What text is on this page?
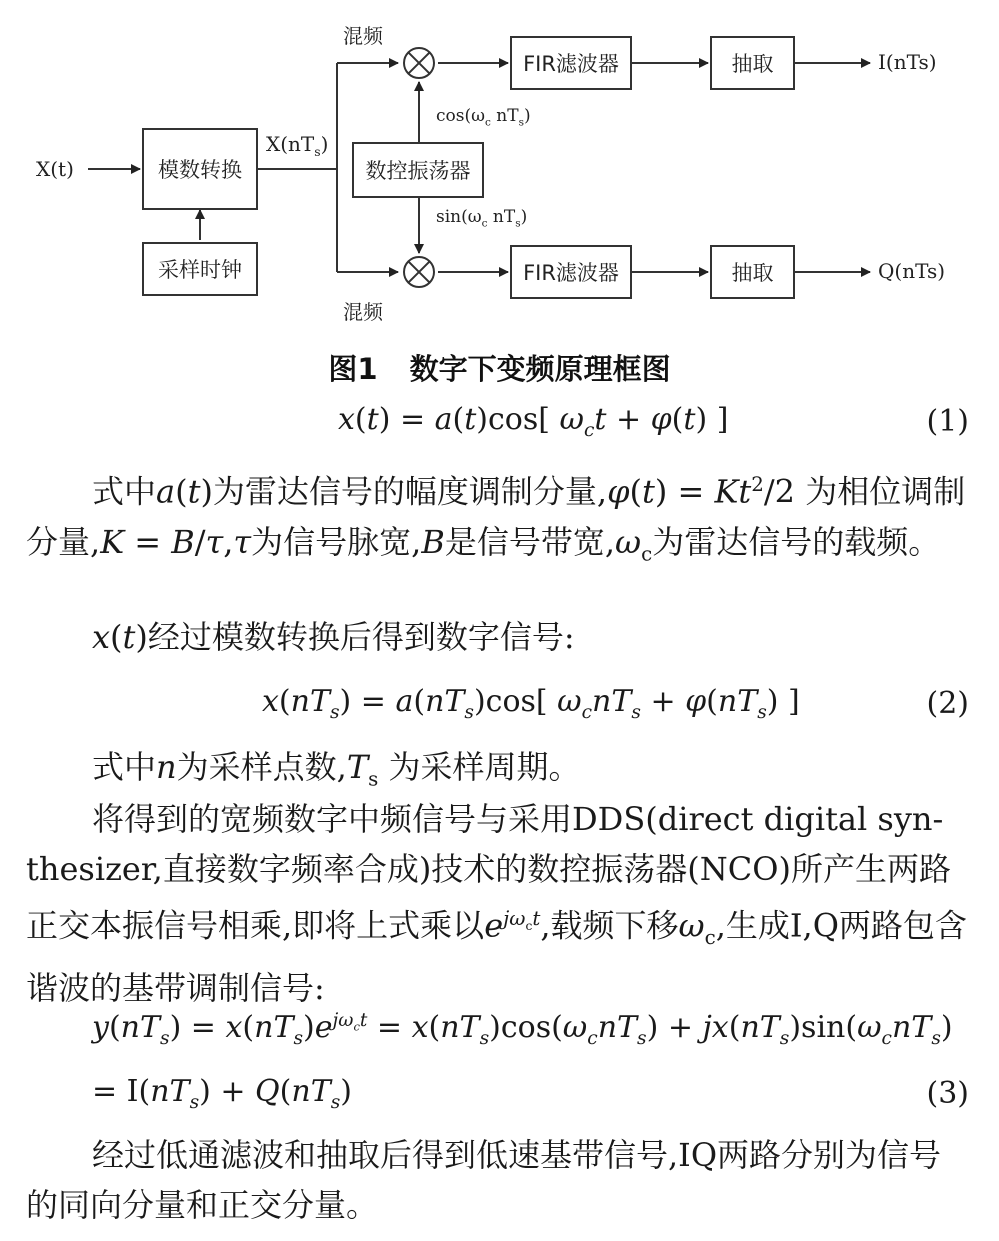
X(t)	模数转换
采样时钟
$X(nT_s)$
数控振荡器
混频
混频
$\cos(\omega_c$ $nT_s$)
$\sin(\omega_c$ $nT_s$)
FIR滤波器
FIR滤波器
抽取
抽取
I(nTs)
Q(nTs)
图1 数字下变频原理框图
x(t) = a(t)cos[ $\omega_ct + \varphi(t)$ ]	(1)
式中a(t)为雷达信号的幅度调制分量$,\varphi(t) = Kt^2/2$ 为相位调制分量,K = B/τ,τ为信号脉宽,B是信号带宽$,\omega_c$为雷达信号的载频。
x(t)经过模数转换后得到数字信号:
$x(nT_s) = a(nT_s)\cos$[ $\omega_cnT_s + \varphi(nT_s)$ ]	(2)
式中n为采样点数$,T_s$ 为采样周期。
将得到的宽频数字中频信号与采用DDS(direct digital syn-thesizer,直接数字频率合成)技术的数控振荡器(NCO)所产生两路正交本振信号相乘,即将上式乘以$e^{j\omega_ct}$,载频下移$\omega_c$,生成I,Q两路包含谐波的基带调制信号:
$y(nT_s) = x(nT_s)e^{j\omega_ct} = x(nT_s)\cos(\omega_cnT_s) + jx(nT_s)\sin(\omega_cnT_s)$
= $I(nT_s) + Q(nT_s)$	(3)
经过低通滤波和抽取后得到低速基带信号,IQ两路分别为信号的同向分量和正交分量。
